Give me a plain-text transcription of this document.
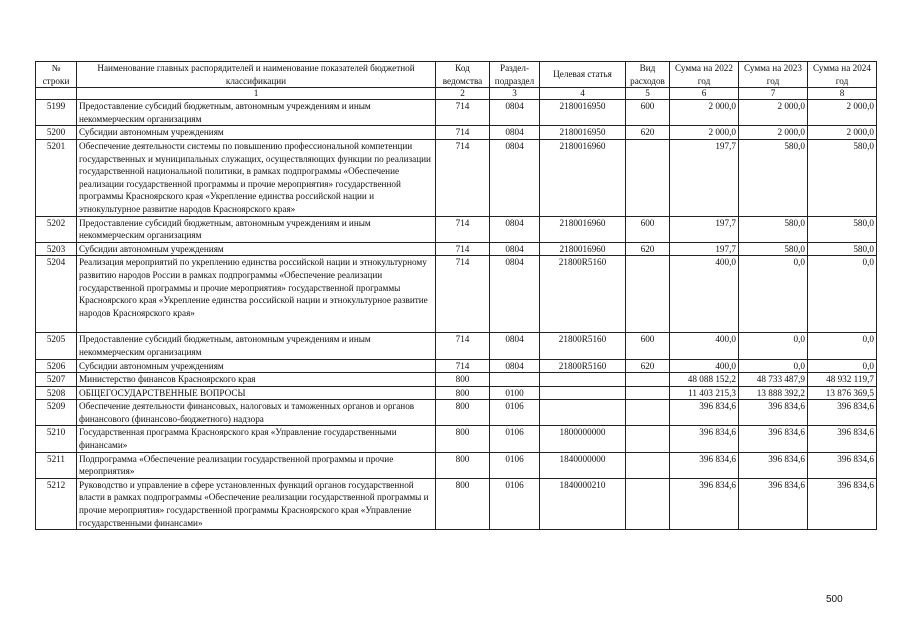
№ строки	Наименование главных распорядителей и наименование показателей бюджетной классификации	Код ведомства	Раздел-подраздел	Целевая статья	Вид расходов	Сумма на 2022 год	Сумма на 2023 год	Сумма на 2024 год
	1	2	3	4	5	6	7	8
5199	Предоставление субсидий бюджетным, автономным учреждениям и иным некоммерческим организациям	714	0804	2180016950	600	2 000,0	2 000,0	2 000,0
5200	Субсидии автономным учреждениям	714	0804	2180016950	620	2 000,0	2 000,0	2 000,0
5201	Обеспечение деятельности системы по повышению профессиональной компетенции государственных и муниципальных служащих, осуществляющих функции по реализации государственной национальной политики, в рамках подпрограммы «Обеспечение реализации государственной программы и прочие мероприятия» государственной программы Красноярского края «Укрепление единства российской нации и этнокультурное развитие народов Красноярского края»	714	0804	2180016960		197,7	580,0	580,0
5202	Предоставление субсидий бюджетным, автономным учреждениям и иным некоммерческим организациям	714	0804	2180016960	600	197,7	580,0	580,0
5203	Субсидии автономным учреждениям	714	0804	2180016960	620	197,7	580,0	580,0
5204	Реализация мероприятий по укреплению единства российской нации и этнокультурному развитию народов России в рамках подпрограммы «Обеспечение реализации государственной программы и прочие мероприятия» государственной программы Красноярского края «Укрепление единства российской нации и этнокультурное развитие народов Красноярского края»	714	0804	21800R5160		400,0	0,0	0,0
5205	Предоставление субсидий бюджетным, автономным учреждениям и иным некоммерческим организациям	714	0804	21800R5160	600	400,0	0,0	0,0
5206	Субсидии автономным учреждениям	714	0804	21800R5160	620	400,0	0,0	0,0
5207	Министерство финансов Красноярского края	800				48 088 152,2	48 733 487,9	48 932 119,7
5208	ОБЩЕГОСУДАРСТВЕННЫЕ ВОПРОСЫ	800	0100			11 403 215,3	13 888 392,2	13 876 369,5
5209	Обеспечение деятельности финансовых, налоговых и таможенных органов и органов финансового (финансово-бюджетного) надзора	800	0106			396 834,6	396 834,6	396 834,6
5210	Государственная программа Красноярского края «Управление государственными финансами»	800	0106	1800000000		396 834,6	396 834,6	396 834,6
5211	Подпрограмма «Обеспечение реализации государственной программы и прочие мероприятия»	800	0106	1840000000		396 834,6	396 834,6	396 834,6
5212	Руководство и управление в сфере установленных функций органов государственной власти в рамках подпрограммы «Обеспечение реализации государственной программы и прочие мероприятия» государственной программы Красноярского края «Управление государственными финансами»	800	0106	1840000210		396 834,6	396 834,6	396 834,6
500
